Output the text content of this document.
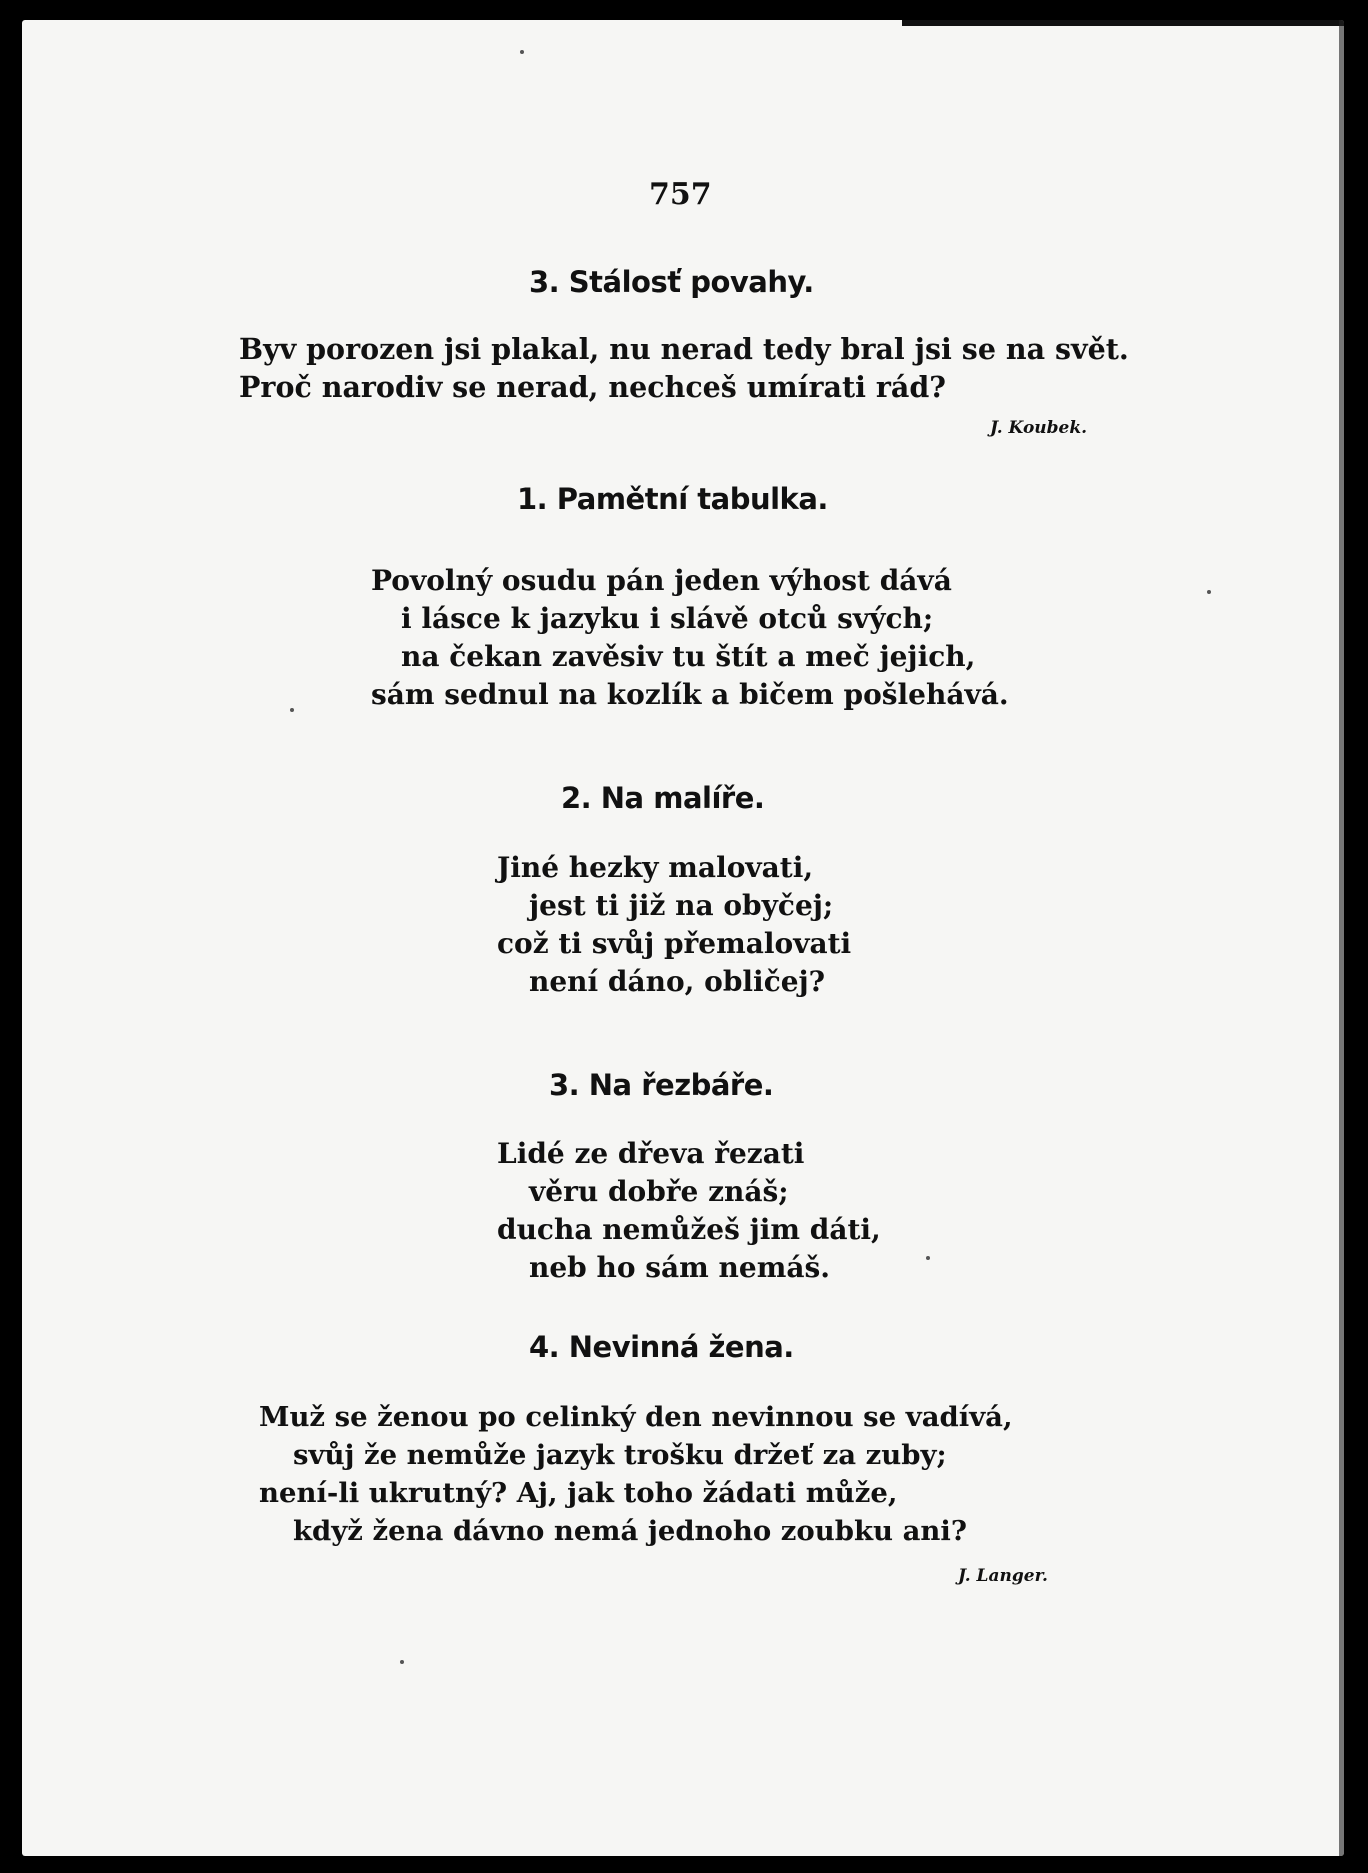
757
3. Stálosť povahy.
Byv porozen jsi plakal, nu nerad tedy bral jsi se na svět.
Proč narodiv se nerad, nechceš umírati rád?
J. Koubek.
1. Pamětní tabulka.
Povolný osudu pán jeden výhost dává
i lásce k jazyku i slávě otců svých;
na čekan zavěsiv tu štít a meč jejich,
sám sednul na kozlík a bičem pošlehává.
2. Na malíře.
Jiné hezky malovati,
jest ti již na obyčej;
což ti svůj přemalovati
není dáno, obličej?
3. Na řezbáře.
Lidé ze dřeva řezati
věru dobře znáš;
ducha nemůžeš jim dáti,
neb ho sám nemáš.
4. Nevinná žena.
Muž se ženou po celinký den nevinnou se vadívá,
svůj že nemůže jazyk trošku držeť za zuby;
není-li ukrutný? Aj, jak toho žádati může,
když žena dávno nemá jednoho zoubku ani?
J. Langer.
